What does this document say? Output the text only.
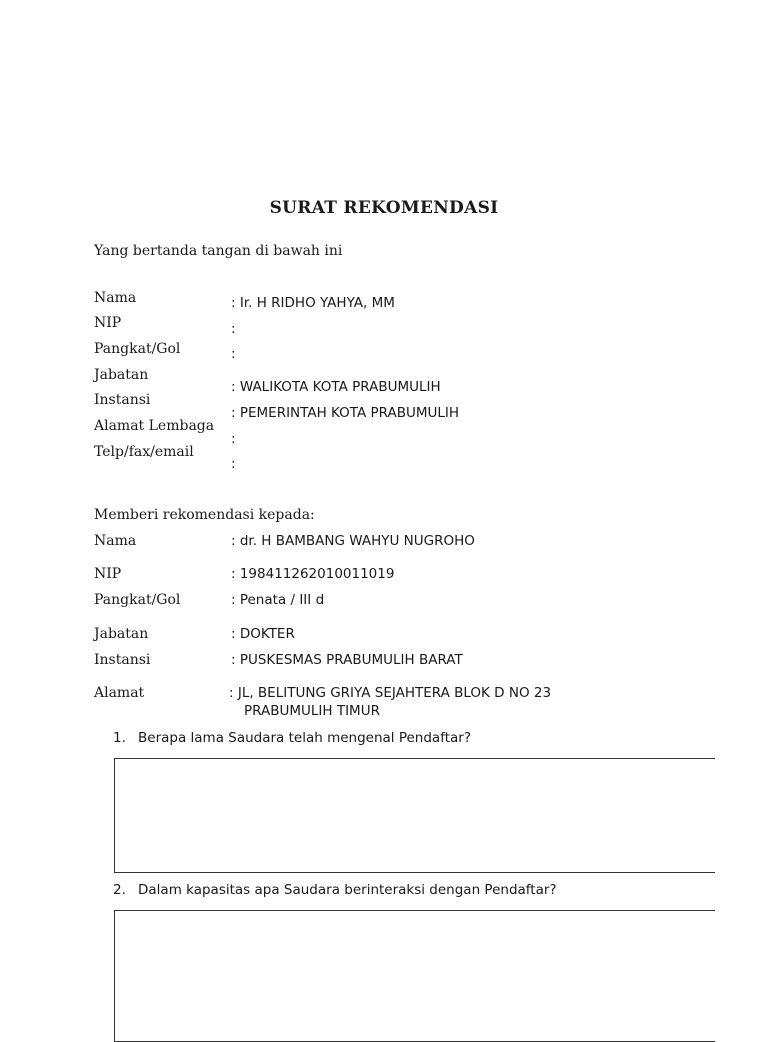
SURAT REKOMENDASI
Yang bertanda tangan di bawah ini
Nama
NIP
Pangkat/Gol
Jabatan
Instansi
Alamat Lembaga
Telp/fax/email
: Ir. H RIDHO YAHYA, MM
:
:
: WALIKOTA KOTA PRABUMULIH
: PEMERINTAH KOTA PRABUMULIH
:
:
Memberi rekomendasi kepada:
Nama
NIP
Pangkat/Gol
Jabatan
Instansi
Alamat
: dr. H BAMBANG WAHYU NUGROHO
: 198411262010011019
: Penata / III d
: DOKTER
: PUSKESMAS PRABUMULIH BARAT
: JL, BELITUNG GRIYA SEJAHTERA BLOK D NO 23
PRABUMULIH TIMUR
1. Berapa lama Saudara telah mengenal Pendaftar?
2. Dalam kapasitas apa Saudara berinteraksi dengan Pendaftar?
